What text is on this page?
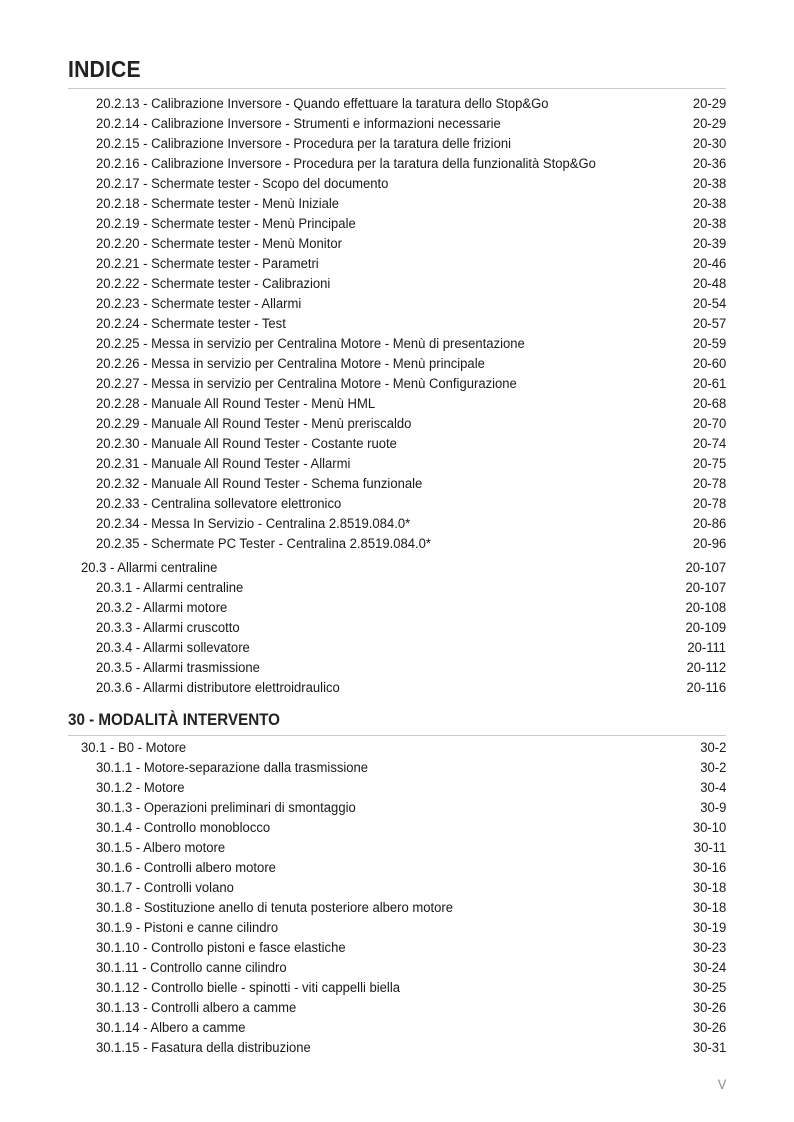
INDICE
20.2.13 - Calibrazione Inversore - Quando effettuare la taratura dello Stop&Go	20-29
20.2.14 - Calibrazione Inversore - Strumenti e informazioni necessarie	20-29
20.2.15 - Calibrazione Inversore - Procedura per la taratura delle frizioni	20-30
20.2.16 - Calibrazione Inversore - Procedura per la taratura della funzionalità Stop&Go	20-36
20.2.17 - Schermate tester - Scopo del documento	20-38
20.2.18 - Schermate tester - Menù Iniziale	20-38
20.2.19 - Schermate tester - Menù Principale	20-38
20.2.20 - Schermate tester - Menù Monitor	20-39
20.2.21 - Schermate tester - Parametri	20-46
20.2.22 - Schermate tester - Calibrazioni	20-48
20.2.23 - Schermate tester - Allarmi	20-54
20.2.24 - Schermate tester - Test	20-57
20.2.25 - Messa in servizio per Centralina Motore - Menù di presentazione	20-59
20.2.26 - Messa in servizio per Centralina Motore - Menù principale	20-60
20.2.27 - Messa in servizio per Centralina Motore - Menù Configurazione	20-61
20.2.28 - Manuale All Round Tester - Menù HML	20-68
20.2.29 - Manuale All Round Tester - Menù preriscaldo	20-70
20.2.30 - Manuale All Round Tester - Costante ruote	20-74
20.2.31 - Manuale All Round Tester - Allarmi	20-75
20.2.32 - Manuale All Round Tester - Schema funzionale	20-78
20.2.33 - Centralina sollevatore elettronico	20-78
20.2.34 - Messa In Servizio - Centralina 2.8519.084.0*	20-86
20.2.35 - Schermate PC Tester - Centralina 2.8519.084.0*	20-96
20.3 - Allarmi centraline	20-107
20.3.1 - Allarmi centraline	20-107
20.3.2 - Allarmi motore	20-108
20.3.3 - Allarmi cruscotto	20-109
20.3.4 - Allarmi sollevatore	20-111
20.3.5 - Allarmi trasmissione	20-112
20.3.6 - Allarmi distributore elettroidraulico	20-116
30 - MODALITÀ INTERVENTO
30.1 - B0 - Motore	30-2
30.1.1 - Motore-separazione dalla trasmissione	30-2
30.1.2 - Motore	30-4
30.1.3 - Operazioni preliminari di smontaggio	30-9
30.1.4 - Controllo monoblocco	30-10
30.1.5 - Albero motore	30-11
30.1.6 - Controlli albero motore	30-16
30.1.7 - Controlli volano	30-18
30.1.8 - Sostituzione anello di tenuta posteriore albero motore	30-18
30.1.9 - Pistoni e canne cilindro	30-19
30.1.10 - Controllo pistoni e fasce elastiche	30-23
30.1.11 - Controllo canne cilindro	30-24
30.1.12 - Controllo bielle - spinotti - viti cappelli biella	30-25
30.1.13 - Controlli albero a camme	30-26
30.1.14 - Albero a camme	30-26
30.1.15 - Fasatura della distribuzione	30-31
V
